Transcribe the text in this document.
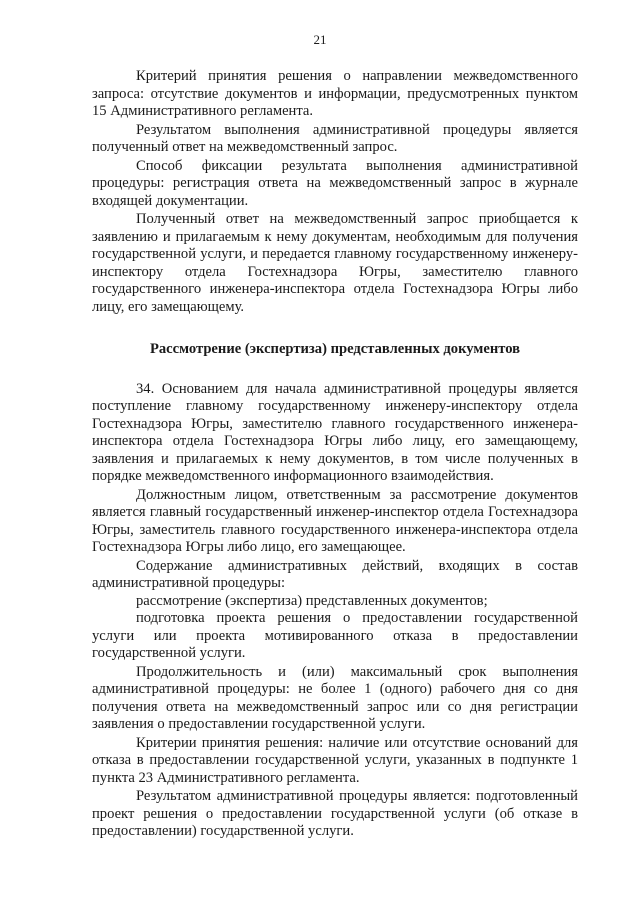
21

Критерий принятия решения о направлении межведомственного запроса: отсутствие документов и информации, предусмотренных пунктом 15 Административного регламента.

Результатом выполнения административной процедуры является полученный ответ на межведомственный запрос.

Способ фиксации результата выполнения административной процедуры: регистрация ответа на межведомственный запрос в журнале входящей документации.

Полученный ответ на межведомственный запрос приобщается к заявлению и прилагаемым к нему документам, необходимым для получения государственной услуги, и передается главному государственному инженеру-инспектору отдела Гостехнадзора Югры, заместителю главного государственного инженера-инспектора отдела Гостехнадзора Югры либо лицу, его замещающему.

Рассмотрение (экспертиза) представленных документов

34. Основанием для начала административной процедуры является поступление главному государственному инженеру-инспектору отдела Гостехнадзора Югры, заместителю главного государственного инженера-инспектора отдела Гостехнадзора Югры либо лицу, его замещающему, заявления и прилагаемых к нему документов, в том числе полученных в порядке межведомственного информационного взаимодействия.

Должностным лицом, ответственным за рассмотрение документов является главный государственный инженер-инспектор отдела Гостехнадзора Югры, заместитель главного государственного инженера-инспектора отдела Гостехнадзора Югры либо лицо, его замещающее.

Содержание административных действий, входящих в состав административной процедуры:

рассмотрение (экспертиза) представленных документов;

подготовка проекта решения о предоставлении государственной услуги или проекта мотивированного отказа в предоставлении государственной услуги.

Продолжительность и (или) максимальный срок выполнения административной процедуры: не более 1 (одного) рабочего дня со дня получения ответа на межведомственный запрос или со дня регистрации заявления о предоставлении государственной услуги.

Критерии принятия решения: наличие или отсутствие оснований для отказа в предоставлении государственной услуги, указанных в подпункте 1 пункта 23 Административного регламента.

Результатом административной процедуры является: подготовленный проект решения о предоставлении государственной услуги (об отказе в предоставлении) государственной услуги.
